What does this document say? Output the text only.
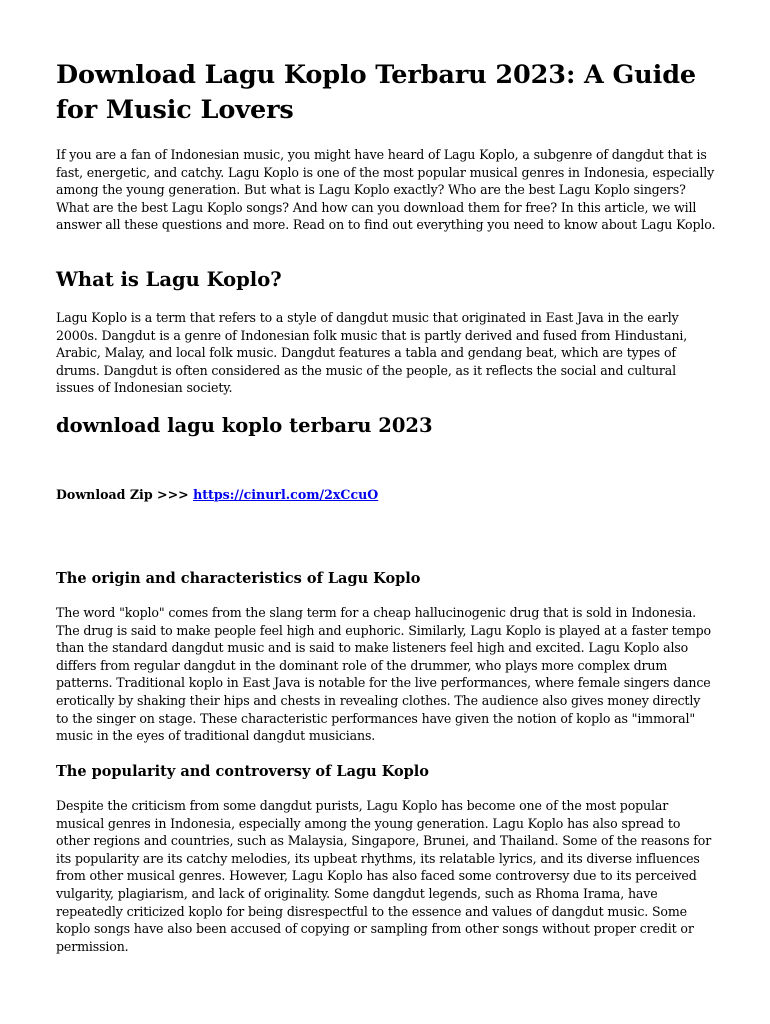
Download Lagu Koplo Terbaru 2023: A Guide for Music Lovers

If you are a fan of Indonesian music, you might have heard of Lagu Koplo, a subgenre of dangdut that is fast, energetic, and catchy. Lagu Koplo is one of the most popular musical genres in Indonesia, especially among the young generation. But what is Lagu Koplo exactly? Who are the best Lagu Koplo singers? What are the best Lagu Koplo songs? And how can you download them for free? In this article, we will answer all these questions and more. Read on to find out everything you need to know about Lagu Koplo.

What is Lagu Koplo?

Lagu Koplo is a term that refers to a style of dangdut music that originated in East Java in the early 2000s. Dangdut is a genre of Indonesian folk music that is partly derived and fused from Hindustani, Arabic, Malay, and local folk music. Dangdut features a tabla and gendang beat, which are types of drums. Dangdut is often considered as the music of the people, as it reflects the social and cultural issues of Indonesian society.

download lagu koplo terbaru 2023
Download Zip >>> https://cinurl.com/2xCcuO
The origin and characteristics of Lagu Koplo

The word "koplo" comes from the slang term for a cheap hallucinogenic drug that is sold in Indonesia. The drug is said to make people feel high and euphoric. Similarly, Lagu Koplo is played at a faster tempo than the standard dangdut music and is said to make listeners feel high and excited. Lagu Koplo also differs from regular dangdut in the dominant role of the drummer, who plays more complex drum patterns. Traditional koplo in East Java is notable for the live performances, where female singers dance erotically by shaking their hips and chests in revealing clothes. The audience also gives money directly to the singer on stage. These characteristic performances have given the notion of koplo as "immoral" music in the eyes of traditional dangdut musicians.

The popularity and controversy of Lagu Koplo

Despite the criticism from some dangdut purists, Lagu Koplo has become one of the most popular musical genres in Indonesia, especially among the young generation. Lagu Koplo has also spread to other regions and countries, such as Malaysia, Singapore, Brunei, and Thailand. Some of the reasons for its popularity are its catchy melodies, its upbeat rhythms, its relatable lyrics, and its diverse influences from other musical genres. However, Lagu Koplo has also faced some controversy due to its perceived vulgarity, plagiarism, and lack of originality. Some dangdut legends, such as Rhoma Irama, have repeatedly criticized koplo for being disrespectful to the essence and values of dangdut music. Some koplo songs have also been accused of copying or sampling from other songs without proper credit or permission.
